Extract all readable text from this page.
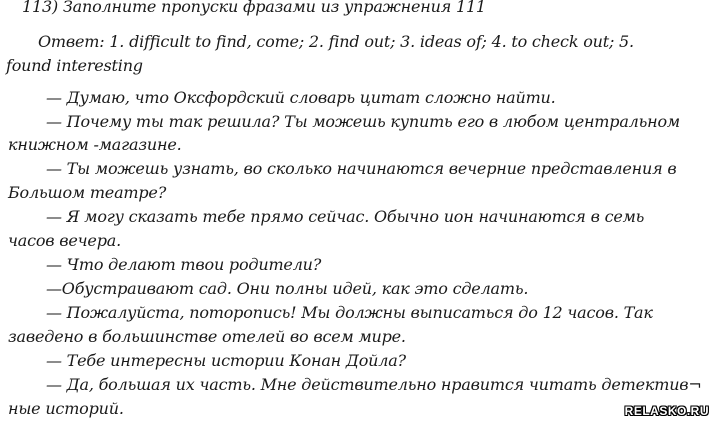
113) Заполните пропуски фразами из упражнения 111
Ответ: 1. difficult to find, come; 2. find out; 3. ideas of; 4. to check out; 5.
found interesting
— Думаю, что Оксфордский словарь цитат сложно найти.
— Почему ты так решила? Ты можешь купить его в любом центральном
книжном -магазине.
— Ты можешь узнать, во сколько начинаются вечерние представления в
Большом театре?
— Я могу сказать тебе прямо сейчас. Обычно ион начинаются в семь
часов вечера.
— Что делают твои родители?
—Обустраивают сад. Они полны идей, как это сделать.
— Пожалуйста, поторопись! Мы должны выписаться до 12 часов. Так
заведено в большинстве отелей во всем мире.
— Тебе интересны истории Конан Дойла?
— Да, большая их часть. Мне действительно нравится читать детектив¬
ные историй.	RELASKO.RU
